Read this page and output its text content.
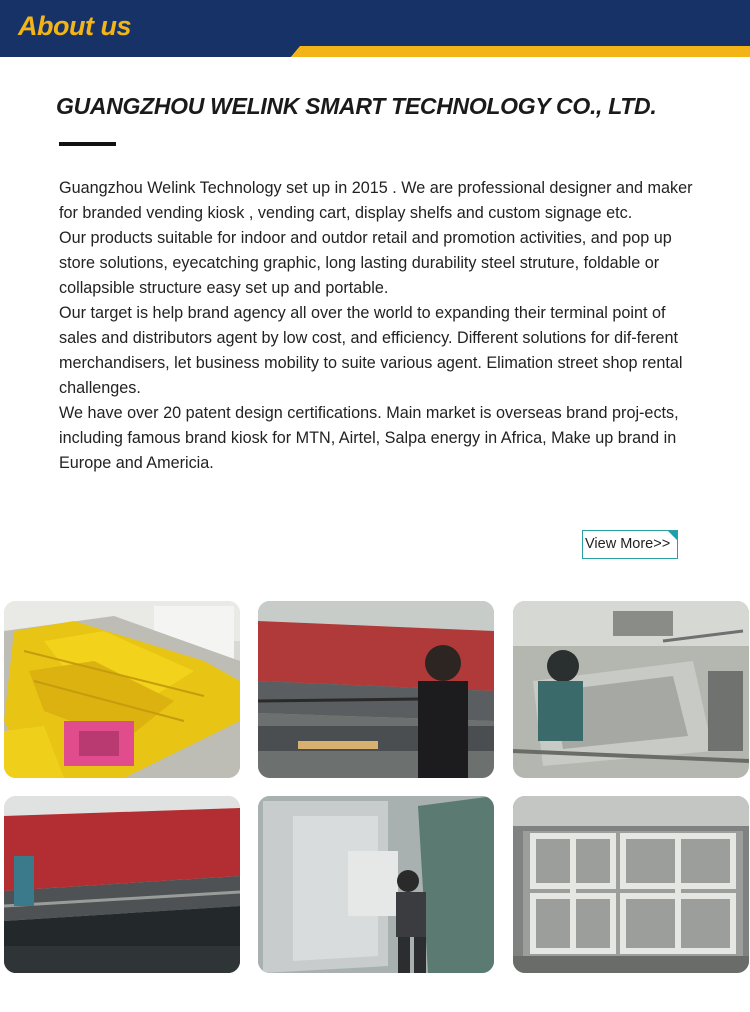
About us
GUANGZHOU WELINK SMART TECHNOLOGY CO., LTD.

Guangzhou Welink Technology set up in 2015 . We are professional designer and maker for branded vending kiosk , vending cart, display shelfs and custom signage etc.

Our products suitable for indoor and outdor retail and promotion activities, and pop up store solutions, eyecatching graphic, long lasting durability steel struture, foldable or collapsible structure easy set up and portable.

Our target is help brand agency all over the world to expanding their terminal point of sales and distributors agent by low cost, and efficiency. Different solutions for dif-ferent merchandisers, let business mobility to suite various agent. Elimation street shop rental challenges.

We have over 20 patent design certifications. Main market is overseas brand proj-ects, including famous brand kiosk for MTN, Airtel, Salpa energy in Africa, Make up brand in Europe and Americia.

View More>>
